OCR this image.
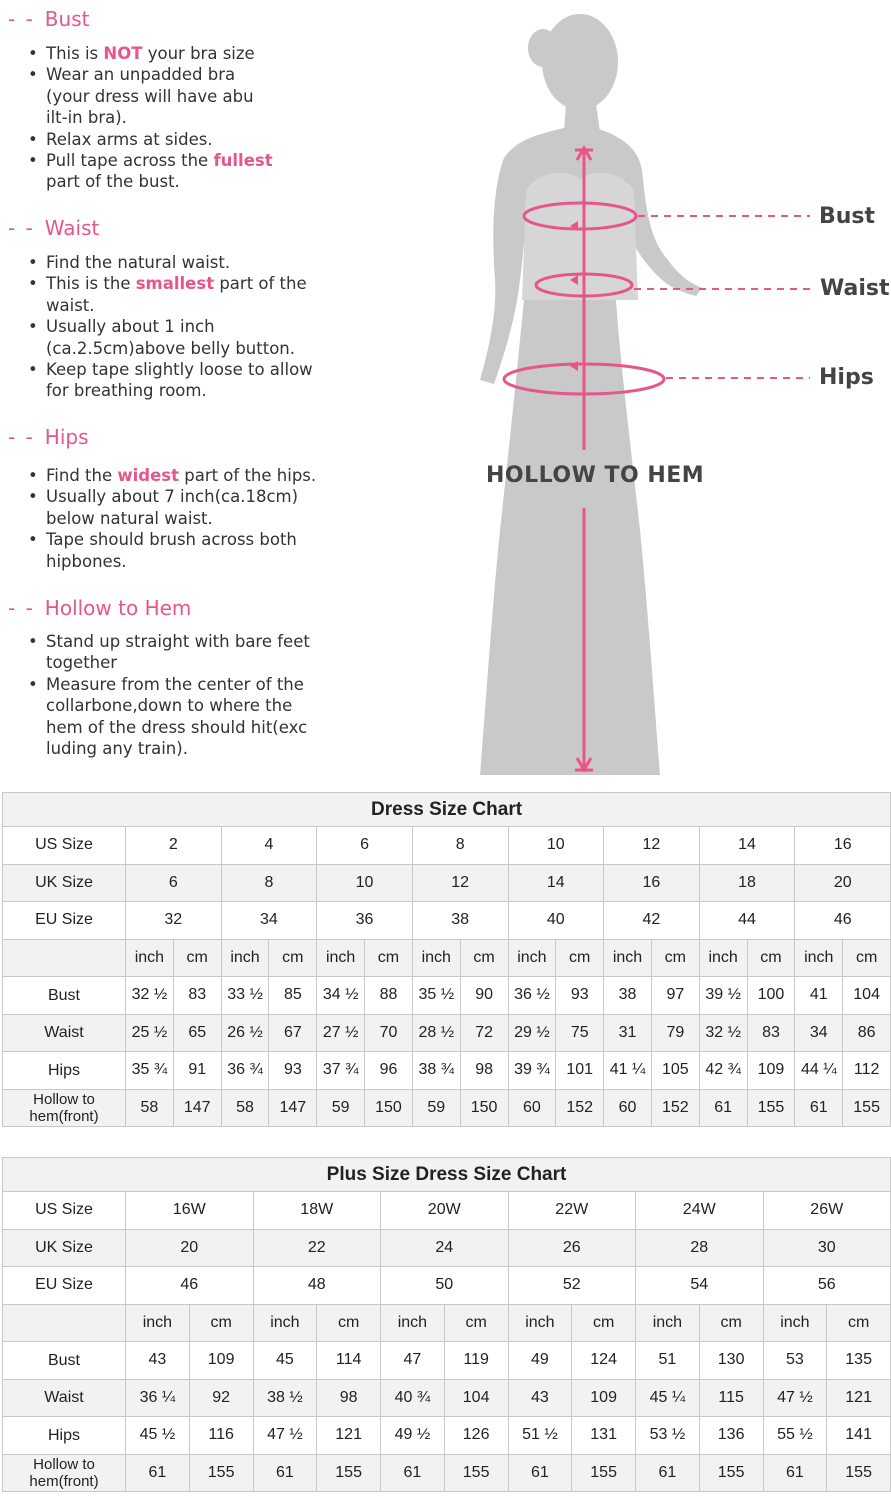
- - Bust
• This is NOT your bra size
• Wear an unpadded bra
(your dress will have abu
ilt-in bra).
• Relax arms at sides.
• Pull tape across the fullest
part of the bust.
- - Waist
• Find the natural waist.
• This is the smallest part of the
waist.
• Usually about 1 inch
(ca.2.5cm)above belly button.
• Keep tape slightly loose to allow
for breathing room.
- - Hips
• Find the widest part of the hips.
• Usually about 7 inch(ca.18cm)
below natural waist.
• Tape should brush across both
hipbones.
- - Hollow to Hem
• Stand up straight with bare feet
together
• Measure from the center of the
collarbone,down to where the
hem of the dress should hit(exc
luding any train).
Bust
Waist
Hips
HOLLOW TO HEM
Dress Size Chart																
US Size	2		4		6		8		10		12		14		16	
UK Size	6		8		10		12		14		16		18		20	
EU Size	32		34		36		38		40		42		44		46	
	inch	cm	inch	cm	inch	cm	inch	cm	inch	cm	inch	cm	inch	cm	inch	cm
Bust	32 ½	83	33 ½	85	34 ½	88	35 ½	90	36 ½	93	38	97	39 ½	100	41	104
Waist	25 ½	65	26 ½	67	27 ½	70	28 ½	72	29 ½	75	31	79	32 ½	83	34	86
Hips	35 ¾	91	36 ¾	93	37 ¾	96	38 ¾	98	39 ¾	101	41 ¼	105	42 ¾	109	44 ¼	112
Hollow to
hem(front)	58	147	58	147	59	150	59	150	60	152	60	152	61	155	61	155
Plus Size Dress Size Chart												
US Size	16W		18W		20W		22W		24W		26W	
UK Size	20		22		24		26		28		30	
EU Size	46		48		50		52		54		56	
	inch	cm	inch	cm	inch	cm	inch	cm	inch	cm	inch	cm
Bust	43	109	45	114	47	119	49	124	51	130	53	135
Waist	36 ¼	92	38 ½	98	40 ¾	104	43	109	45 ¼	115	47 ½	121
Hips	45 ½	116	47 ½	121	49 ½	126	51 ½	131	53 ½	136	55 ½	141
Hollow to
hem(front)	61	155	61	155	61	155	61	155	61	155	61	155
